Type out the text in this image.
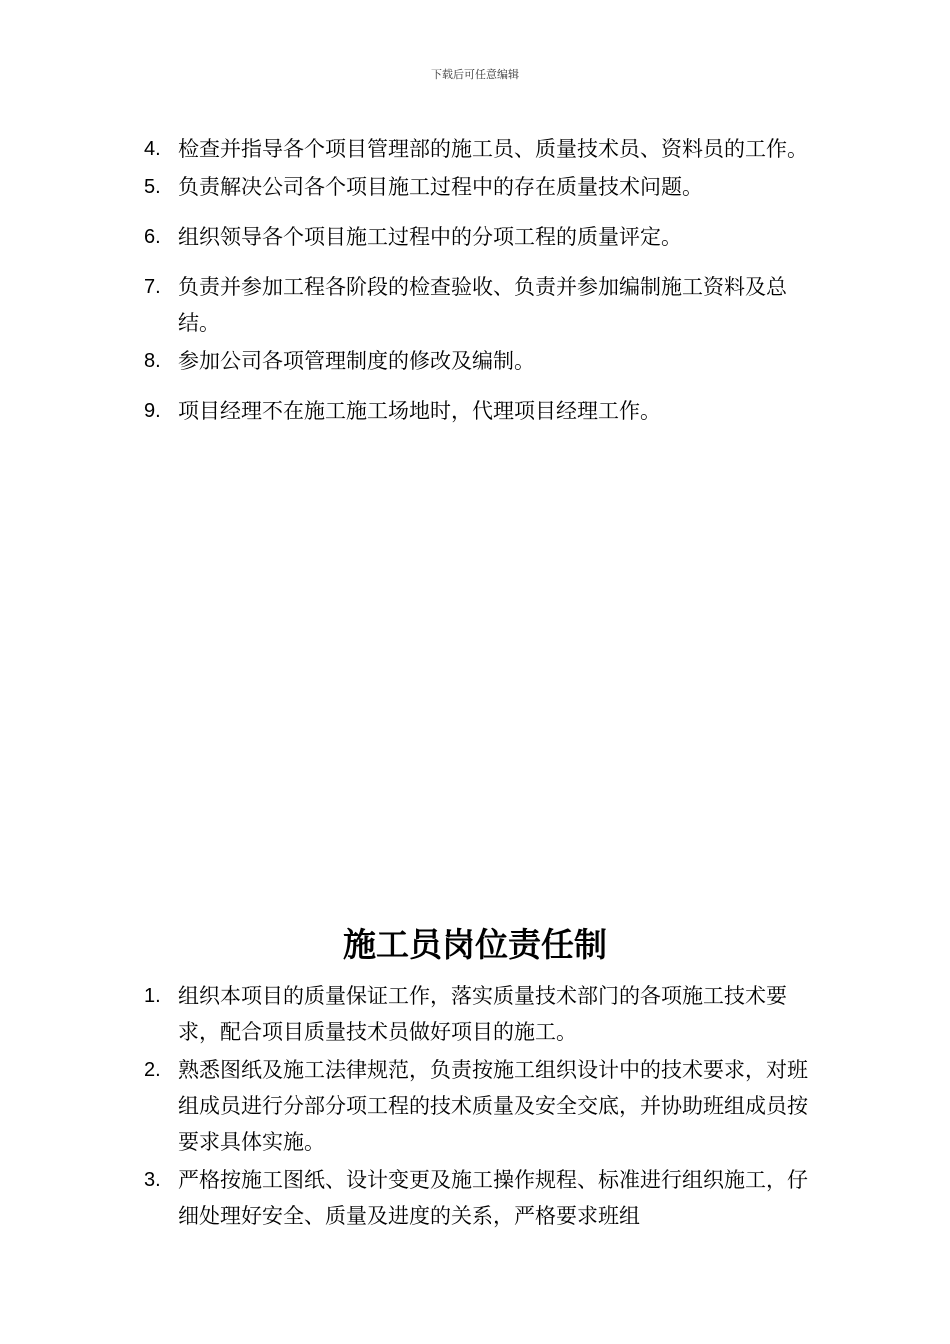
下载后可任意编辑
4. 检查并指导各个项目管理部的施工员、质量技术员、资料员的工作。
5. 负责解决公司各个项目施工过程中的存在质量技术问题。
6. 组织领导各个项目施工过程中的分项工程的质量评定。
7. 负责并参加工程各阶段的检查验收、负责并参加编制施工资料及总结。
8. 参加公司各项管理制度的修改及编制。
9. 项目经理不在施工施工场地时，代理项目经理工作。
施工员岗位责任制
1. 组织本项目的质量保证工作，落实质量技术部门的各项施工技术要求，配合项目质量技术员做好项目的施工。
2. 熟悉图纸及施工法律规范，负责按施工组织设计中的技术要求，对班组成员进行分部分项工程的技术质量及安全交底，并协助班组成员按要求具体实施。
3. 严格按施工图纸、设计变更及施工操作规程、标准进行组织施工，仔细处理好安全、质量及进度的关系，严格要求班组
